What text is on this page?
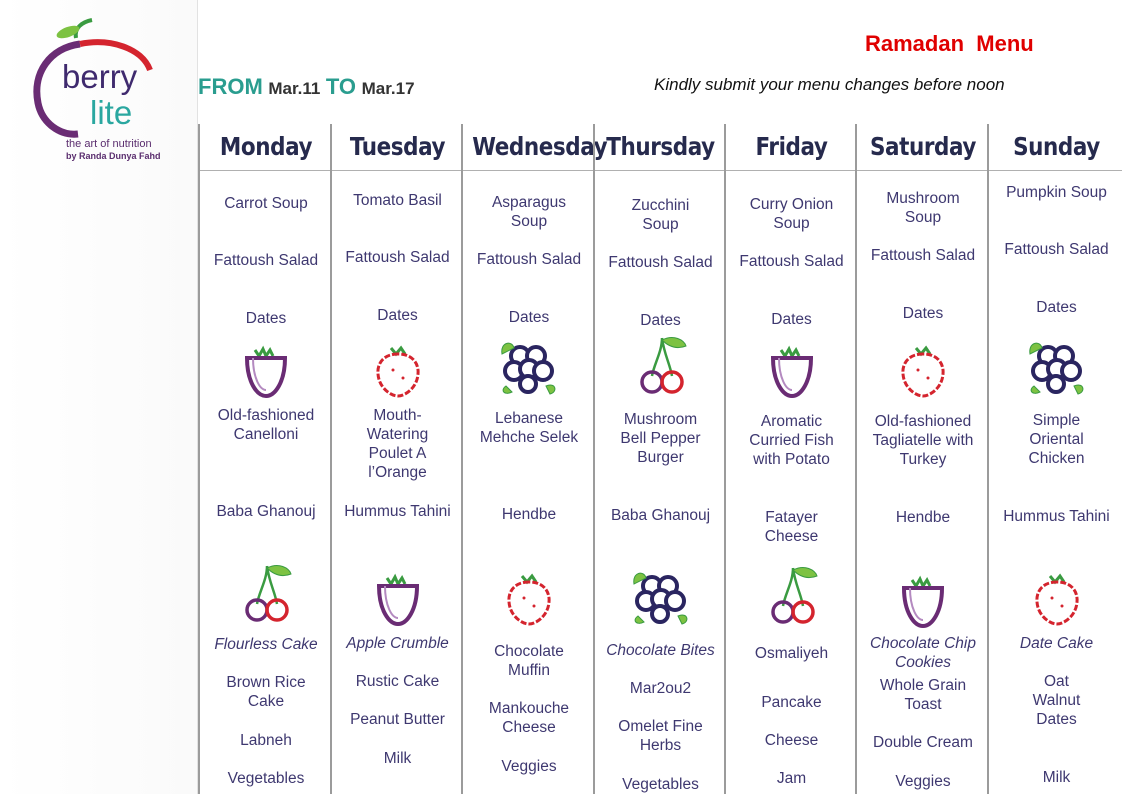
berry
lite
the art of nutrition
by Randa Dunya Fahd
Ramadan  Menu
Kindly submit your menu changes before noon
FROM Mar.11 TO Mar.17
Monday
Carrot Soup
Fattoush Salad
Dates
Old-fashioned
Canelloni
Baba Ghanouj
Flourless Cake
Brown Rice Cake
Labneh
Vegetables
Tuesday
Tomato Basil
Fattoush Salad
Dates
Mouth-Watering
Poulet A l’Orange
Hummus Tahini
Apple Crumble
Rustic Cake
Peanut Butter
Milk
Wednesday
Asparagus Soup
Fattoush Salad
Dates
Lebanese
Mehche Selek
Hendbe
Chocolate Muffin
Mankouche Cheese
Veggies
Thursday
Zucchini Soup
Fattoush Salad
Dates
Mushroom
Bell Pepper Burger
Baba Ghanouj
Chocolate Bites
Mar2ou2
Omelet Fine Herbs
Vegetables
Friday
Curry Onion Soup
Fattoush Salad
Dates
Aromatic
Curried Fish with Potato
Fatayer Cheese
Osmaliyeh
Pancake
Cheese
Jam
Saturday
Mushroom Soup
Fattoush Salad
Dates
Old-fashioned
Tagliatelle with Turkey
Hendbe
Chocolate Chip Cookies
Whole Grain Toast
Double Cream
Veggies
Sunday
Pumpkin Soup
Fattoush Salad
Dates
Simple
Oriental Chicken
Hummus Tahini
Date Cake
Oat Walnut Dates
Milk
